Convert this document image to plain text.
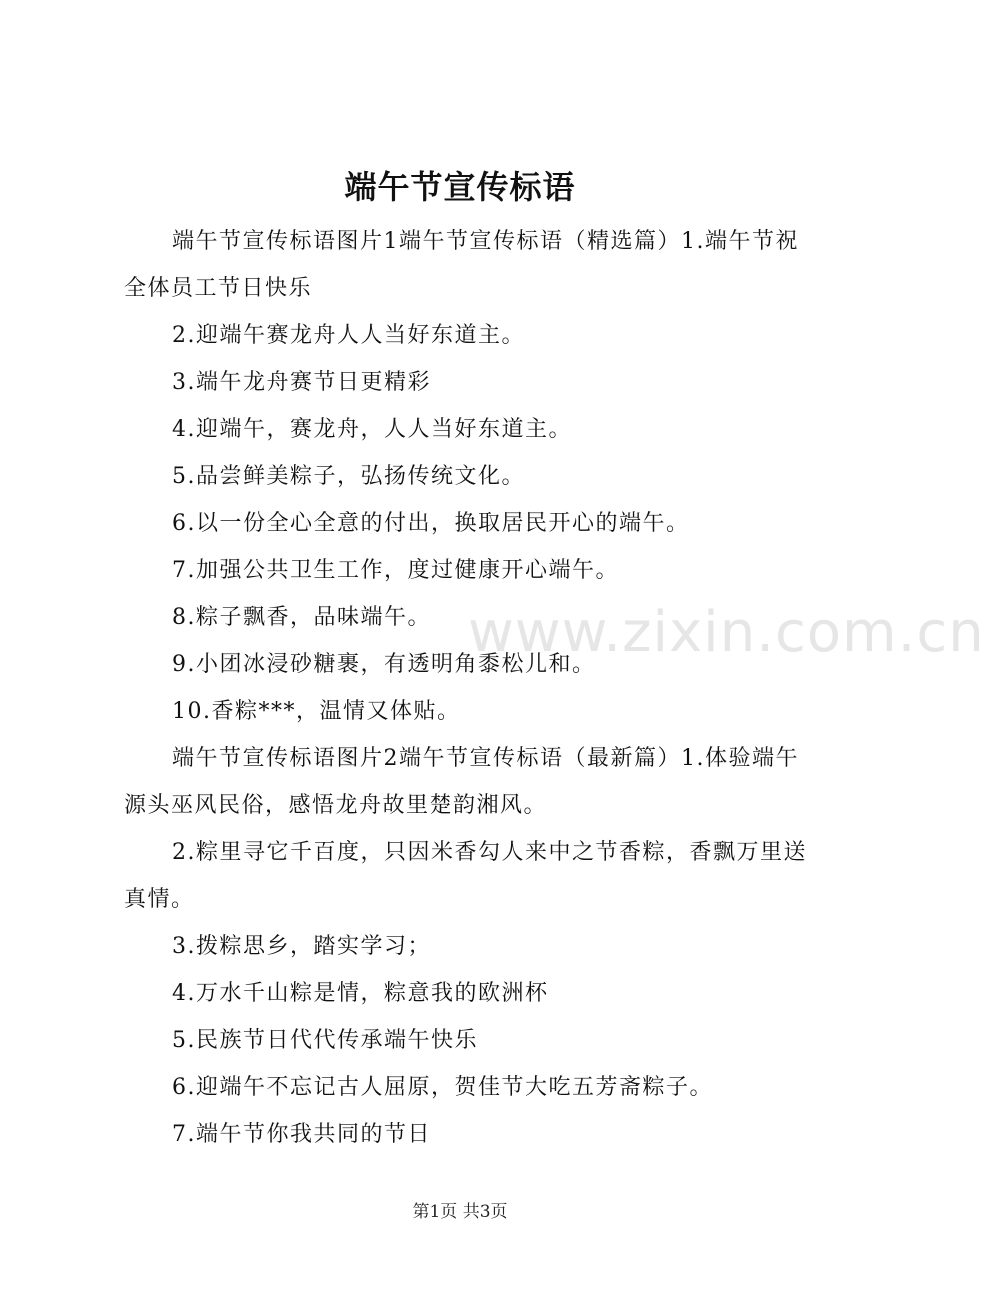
www.zixin.com.cn
端午节宣传标语

端午节宣传标语图片1端午节宣传标语（精选篇）1.端午节祝全体员工节日快乐

2.迎端午赛龙舟人人当好东道主。

3.端午龙舟赛节日更精彩

4.迎端午，赛龙舟，人人当好东道主。

5.品尝鲜美粽子，弘扬传统文化。

6.以一份全心全意的付出，换取居民开心的端午。

7.加强公共卫生工作，度过健康开心端午。

8.粽子飘香，品味端午。

9.小团冰浸砂糖裹，有透明角黍松儿和。

10.香粽***，温情又体贴。

端午节宣传标语图片2端午节宣传标语（最新篇）1.体验端午源头巫风民俗，感悟龙舟故里楚韵湘风。

2.粽里寻它千百度，只因米香勾人来中之节香粽，香飘万里送真情。

3.拨粽思乡，踏实学习；

4.万水千山粽是情，粽意我的欧洲杯

5.民族节日代代传承端午快乐

6.迎端午不忘记古人屈原，贺佳节大吃五芳斋粽子。

7.端午节你我共同的节日

第1页 共3页
